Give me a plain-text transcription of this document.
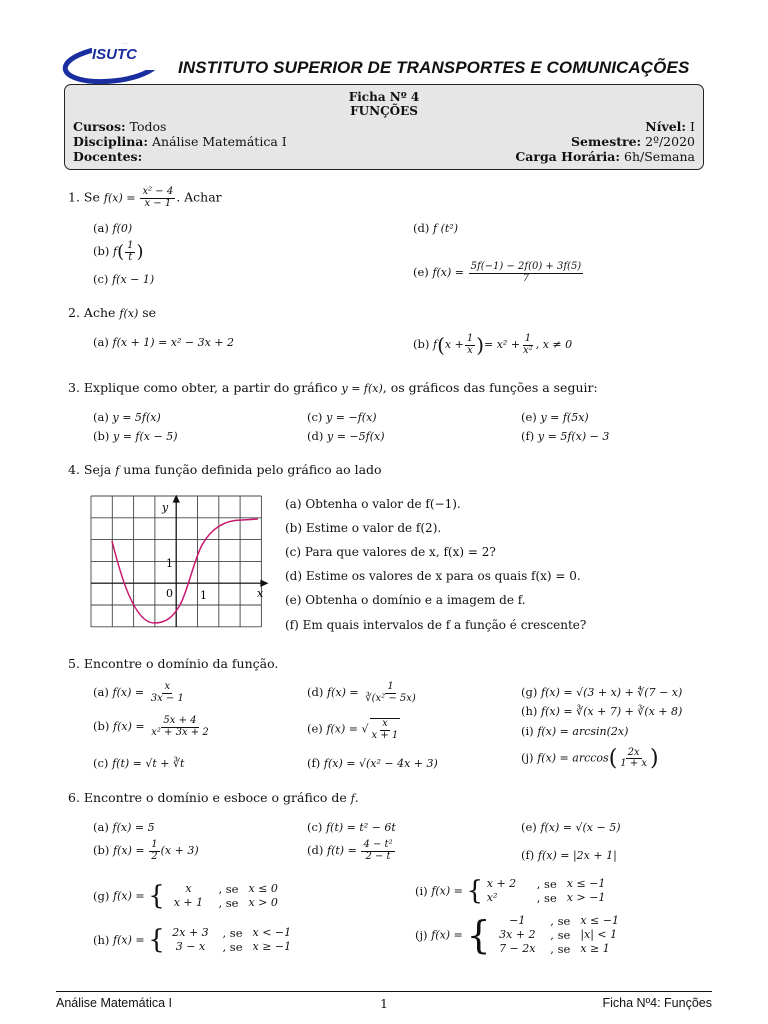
ISUTC
INSTITUTO SUPERIOR DE TRANSPORTES E COMUNICAÇÕES
Ficha Nº 4
FUNÇÕES
Cursos: Todos
Disciplina: Análise Matemática I
Docentes:
Nível: I
Semestre: 2º/2020
Carga Horária: 6h/Semana
1. Se $f(x) = \frac{\text{x² − 4}}{x - 1}$ . Achar
(a) f(0)
(b) $f( \frac{1}{t}$ )
(c) f(x − 1)
(d) f (t²)
(e) $f(x) = \frac{5f(-1) - 2f(0) + 3f(5)}{7}$
2. Ache f(x) se
(a) f(x + 1) = x² − 3x + 2	(b) $f(x + \frac{1}{x}$ )= $x^2 + \frac{1}{\text{x²}}$ , x ≠ 0
3. Explique como obter, a partir do gráfico y = f(x), os gráficos das funções a seguir:
(a) y = 5f(x)
(b) y = f(x − 5)
(c) y = −f(x)
(d) y = −5f(x)
(e) y = f(5x)
(f) y = 5f(x) − 3
4. Seja f uma função definida pelo gráfico ao lado
y
x
1
0 1
(a) Obtenha o valor de f(−1).
(b) Estime o valor de f(2).
(c) Para que valores de x, f(x) = 2?
(d) Estime os valores de x para os quais f(x) = 0.
(e) Obtenha o domínio e a imagem de f.
(f) Em quais intervalos de f a função é crescente?
5. Encontre o domínio da função.
(a) $f(x) = \frac{x}{3x - 1}$
(b) $f(x) = \frac{5x + 4}{\text{x² + 3x + 2}}$
(c) f(t) = √t + ∛t
(d) $f(x) = \frac{1}{\text{∛(x² − 5x)}}$
(e) f(x) = √ $\frac{x}{x + 1}$
(f) f(x) = √(x² − 4x + 3)
(g) f(x) = √(3 + x) + ∜(7 − x)
(h) f(x) = ∛(x + 7) + ∛(x + 8)
(i) f(x) = arcsin(2x)
(j) $f(x) = \arccos( \frac{2x}{1 + x}$ )
6. Encontre o domínio e esboce o gráfico de f.
(a) f(x) = 5
(b) $f(x) = \frac{1}{2} (x + 3)$
(c) f(t) = t² − 6t
(d) $f(t) = \frac{\text{4 − t²}}{2 - t}$
(e) f(x) = √(x − 5)
(f) f(x) = |2x + 1|
(g) f(x) = {	x	, se x ≤ 0
x + 1	, se x > 0
(h) f(x) = { 2x + 3	, se x < −1
3 − x	, se x ≥ −1
(i) f(x) = { x + 2	, se x ≤ −1
x²	, se x > −1
(j) f(x) = {	−1	, se x ≤ −1
3x + 2	, se |x| < 1
7 − 2x	, se x ≥ 1
Análise Matemática I	1	Ficha Nº4: Funções
